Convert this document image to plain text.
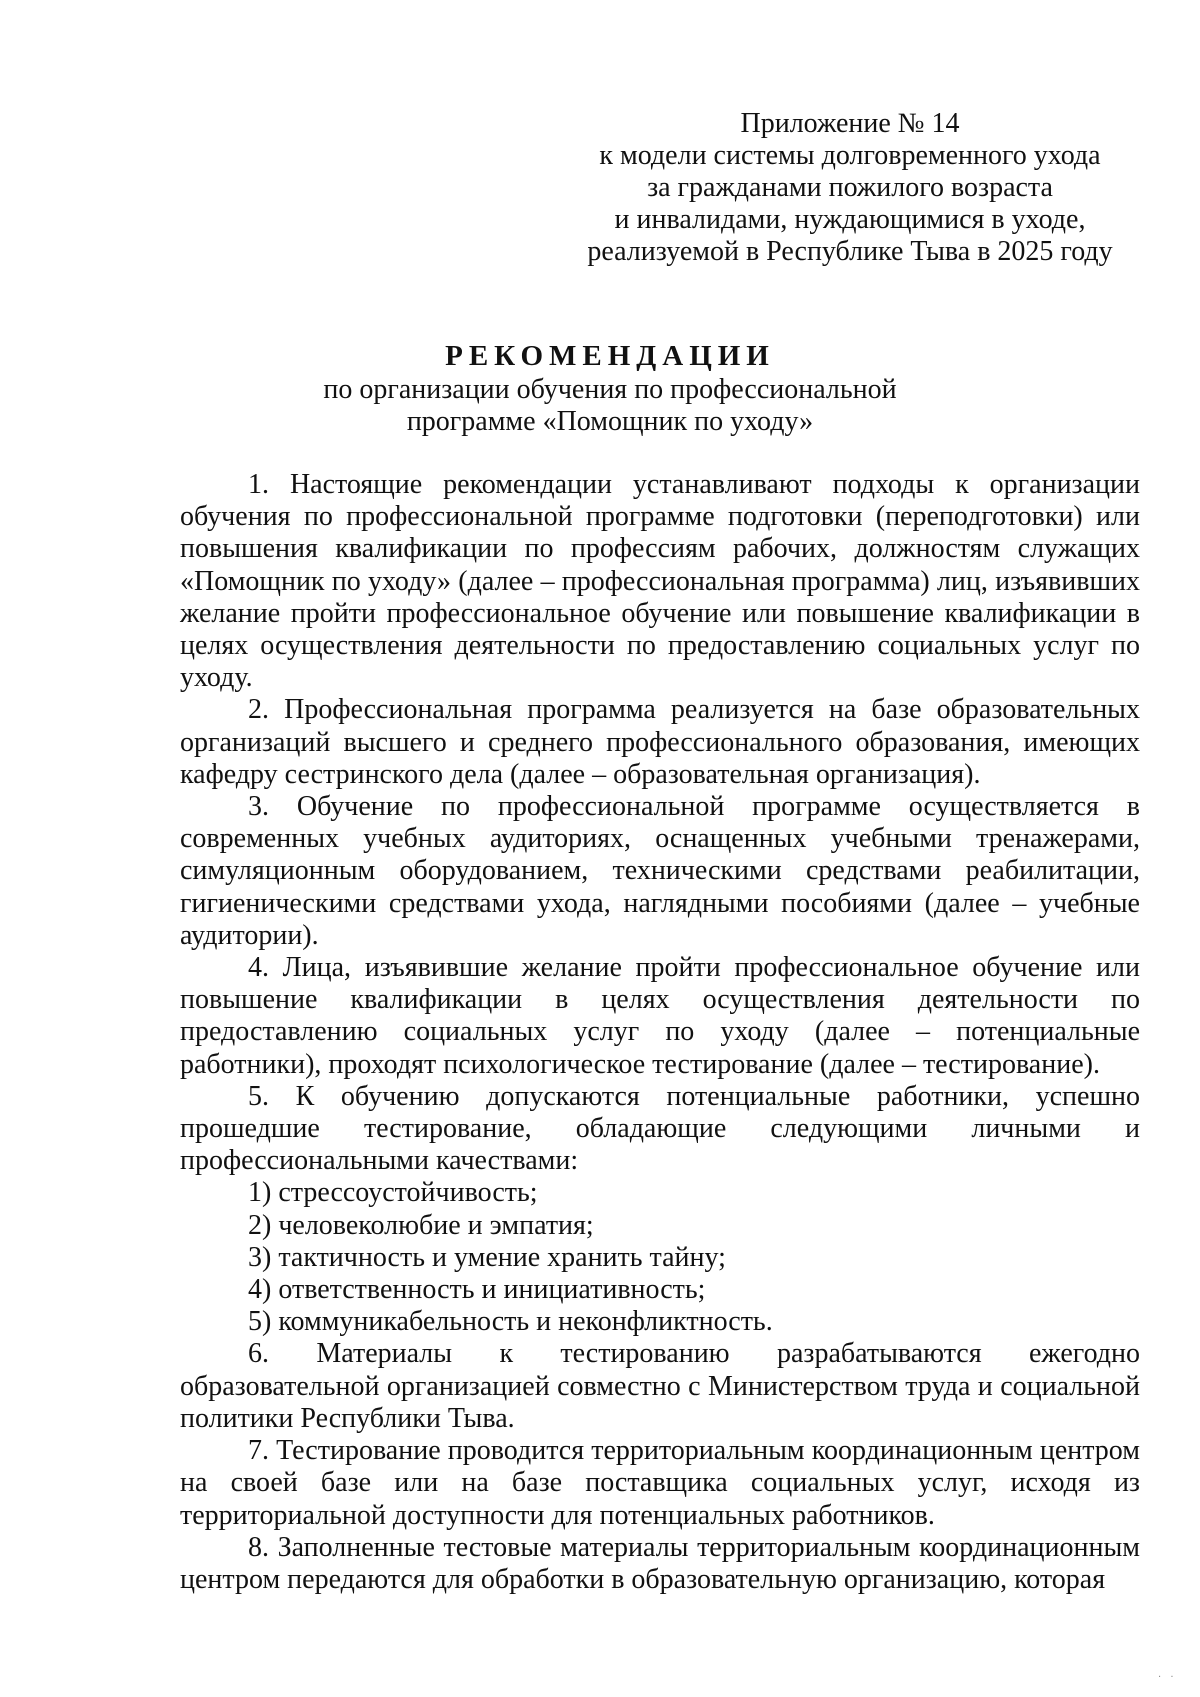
Приложение № 14
к модели системы долговременного ухода
за гражданами пожилого возраста
и инвалидами, нуждающимися в уходе,
реализуемой в Республике Тыва в 2025 году
РЕКОМЕНДАЦИИ
по организации обучения по профессиональной
программе «Помощник по уходу»

1. Настоящие рекомендации устанавливают подходы к организации обучения по профессиональной программе подготовки (переподготовки) или повышения квалификации по профессиям рабочих, должностям служащих «Помощник по уходу» (далее – профессиональная программа) лиц, изъявивших желание пройти профессиональное обучение или повышение квалификации в целях осуществления деятельности по предоставлению социальных услуг по уходу.

2. Профессиональная программа реализуется на базе образовательных организаций высшего и среднего профессионального образования, имеющих кафедру сестринского дела (далее – образовательная организация).

3. Обучение по профессиональной программе осуществляется в современных учебных аудиториях, оснащенных учебными тренажерами, симуляционным оборудованием, техническими средствами реабилитации, гигиеническими средствами ухода, наглядными пособиями (далее – учебные аудитории).

4. Лица, изъявившие желание пройти профессиональное обучение или повышение квалификации в целях осуществления деятельности по предоставлению социальных услуг по уходу (далее – потенциальные работники), проходят психологическое тестирование (далее – тестирование).

5. К обучению допускаются потенциальные работники, успешно прошедшие тестирование, обладающие следующими личными и профессиональными качествами:

1) стрессоустойчивость;

2) человеколюбие и эмпатия;

3) тактичность и умение хранить тайну;

4) ответственность и инициативность;

5) коммуникабельность и неконфликтность.

6. Материалы к тестированию разрабатываются ежегодно образовательной организацией совместно с Министерством труда и социальной политики Республики Тыва.

7. Тестирование проводится территориальным координационным центром на своей базе или на базе поставщика социальных услуг, исходя из территориальной доступности для потенциальных работников.

8. Заполненные тестовые материалы территориальным координационным центром передаются для обработки в образовательную организацию, которая

· ·
